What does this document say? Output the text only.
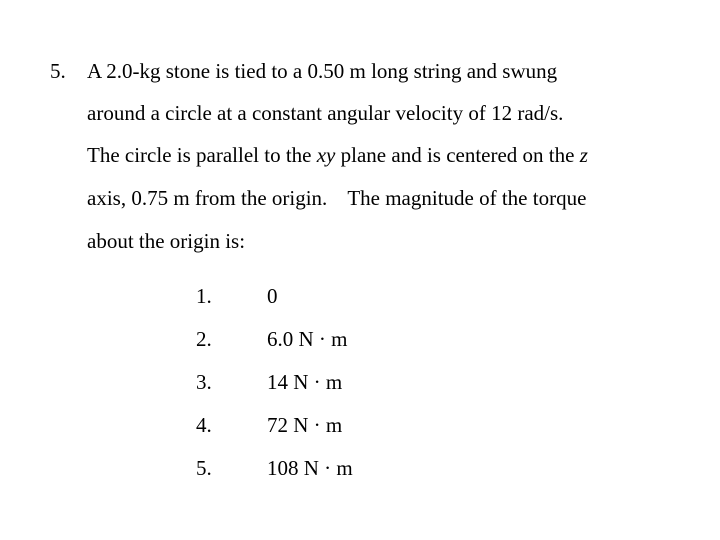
5. A 2.0-kg stone is tied to a 0.50 m long string and swung
around a circle at a constant angular velocity of 12 rad/s.
The circle is parallel to the xy plane and is centered on the z
axis, 0.75 m from the origin. The magnitude of the torque
about the origin is:
1.	0
2.	6.0 N · m
3.	14 N · m
4.	72 N · m
5.	108 N · m
